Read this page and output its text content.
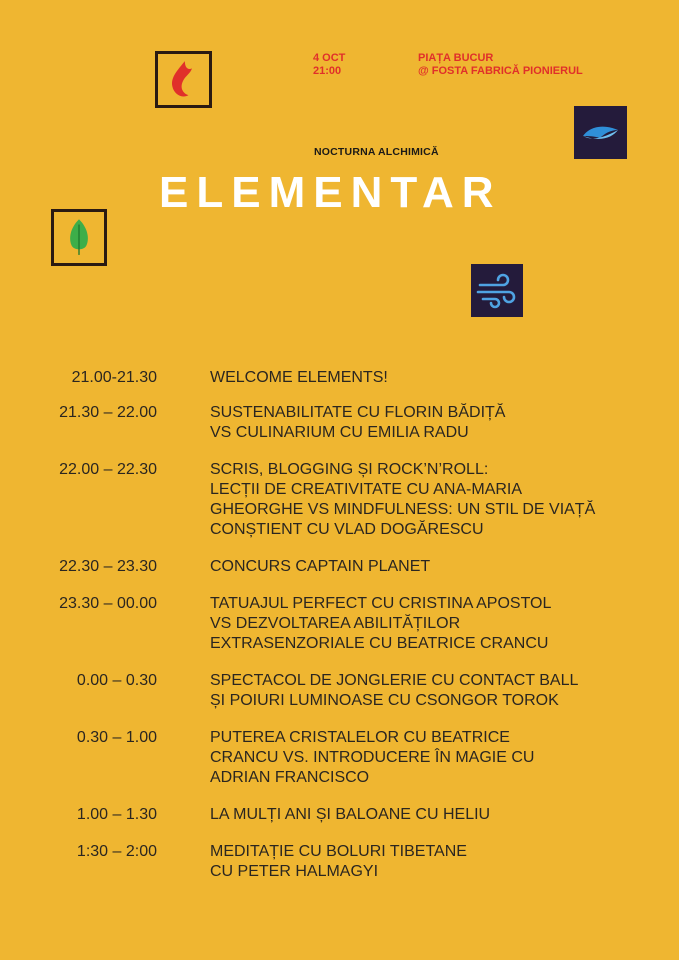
4 OCT
21:00
PIAȚA BUCUR
@ FOSTA FABRICĂ PIONIERUL
NOCTURNA ALCHIMICĂ
ELEMENTAR
21.00-21.30	WELCOME ELEMENTS!
21.30 – 22.00	SUSTENABILITATE CU FLORIN BĂDIȚĂ
VS CULINARIUM CU EMILIA RADU
22.00 – 22.30	SCRIS, BLOGGING ȘI ROCK’N’ROLL:
LECȚII DE CREATIVITATE CU ANA-MARIA
GHEORGHE VS MINDFULNESS: UN STIL DE VIAȚĂ
CONȘTIENT CU VLAD DOGĂRESCU
22.30 – 23.30	CONCURS CAPTAIN PLANET
23.30 – 00.00	TATUAJUL PERFECT CU CRISTINA APOSTOL
VS DEZVOLTAREA ABILITĂȚILOR
EXTRASENZORIALE CU BEATRICE CRANCU
0.00 – 0.30	SPECTACOL DE JONGLERIE CU CONTACT BALL
ȘI POIURI LUMINOASE CU CSONGOR TOROK
0.30 – 1.00	PUTEREA CRISTALELOR CU BEATRICE
CRANCU VS. INTRODUCERE ÎN MAGIE CU
ADRIAN FRANCISCO
1.00 – 1.30	LA MULȚI ANI ȘI BALOANE CU HELIU
1:30 – 2:00	MEDITAȚIE CU BOLURI TIBETANE
CU PETER HALMAGYI
